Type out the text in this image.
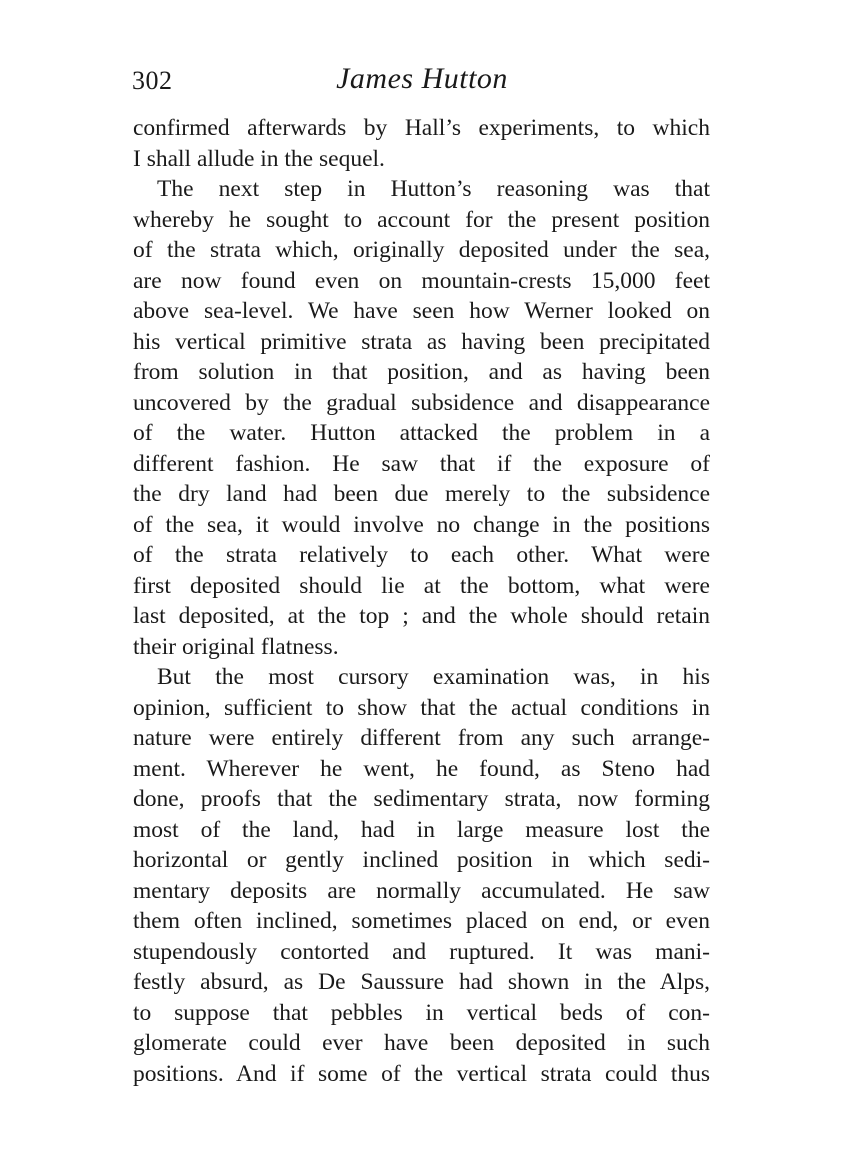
302	James Hutton
confirmed afterwards by Hall’s experiments, to which
I shall allude in the sequel.
The next step in Hutton’s reasoning was that
whereby he sought to account for the present position
of the strata which, originally deposited under the sea,
are now found even on mountain-crests 15,000 feet
above sea-level. We have seen how Werner looked on
his vertical primitive strata as having been precipitated
from solution in that position, and as having been
uncovered by the gradual subsidence and disappearance
of the water. Hutton attacked the problem in a
different fashion. He saw that if the exposure of
the dry land had been due merely to the subsidence
of the sea, it would involve no change in the positions
of the strata relatively to each other. What were
first deposited should lie at the bottom, what were
last deposited, at the top ; and the whole should retain
their original flatness.
But the most cursory examination was, in his
opinion, sufficient to show that the actual conditions in
nature were entirely different from any such arrange-
ment. Wherever he went, he found, as Steno had
done, proofs that the sedimentary strata, now forming
most of the land, had in large measure lost the
horizontal or gently inclined position in which sedi-
mentary deposits are normally accumulated. He saw
them often inclined, sometimes placed on end, or even
stupendously contorted and ruptured. It was mani-
festly absurd, as De Saussure had shown in the Alps,
to suppose that pebbles in vertical beds of con-
glomerate could ever have been deposited in such
positions. And if some of the vertical strata could thus
